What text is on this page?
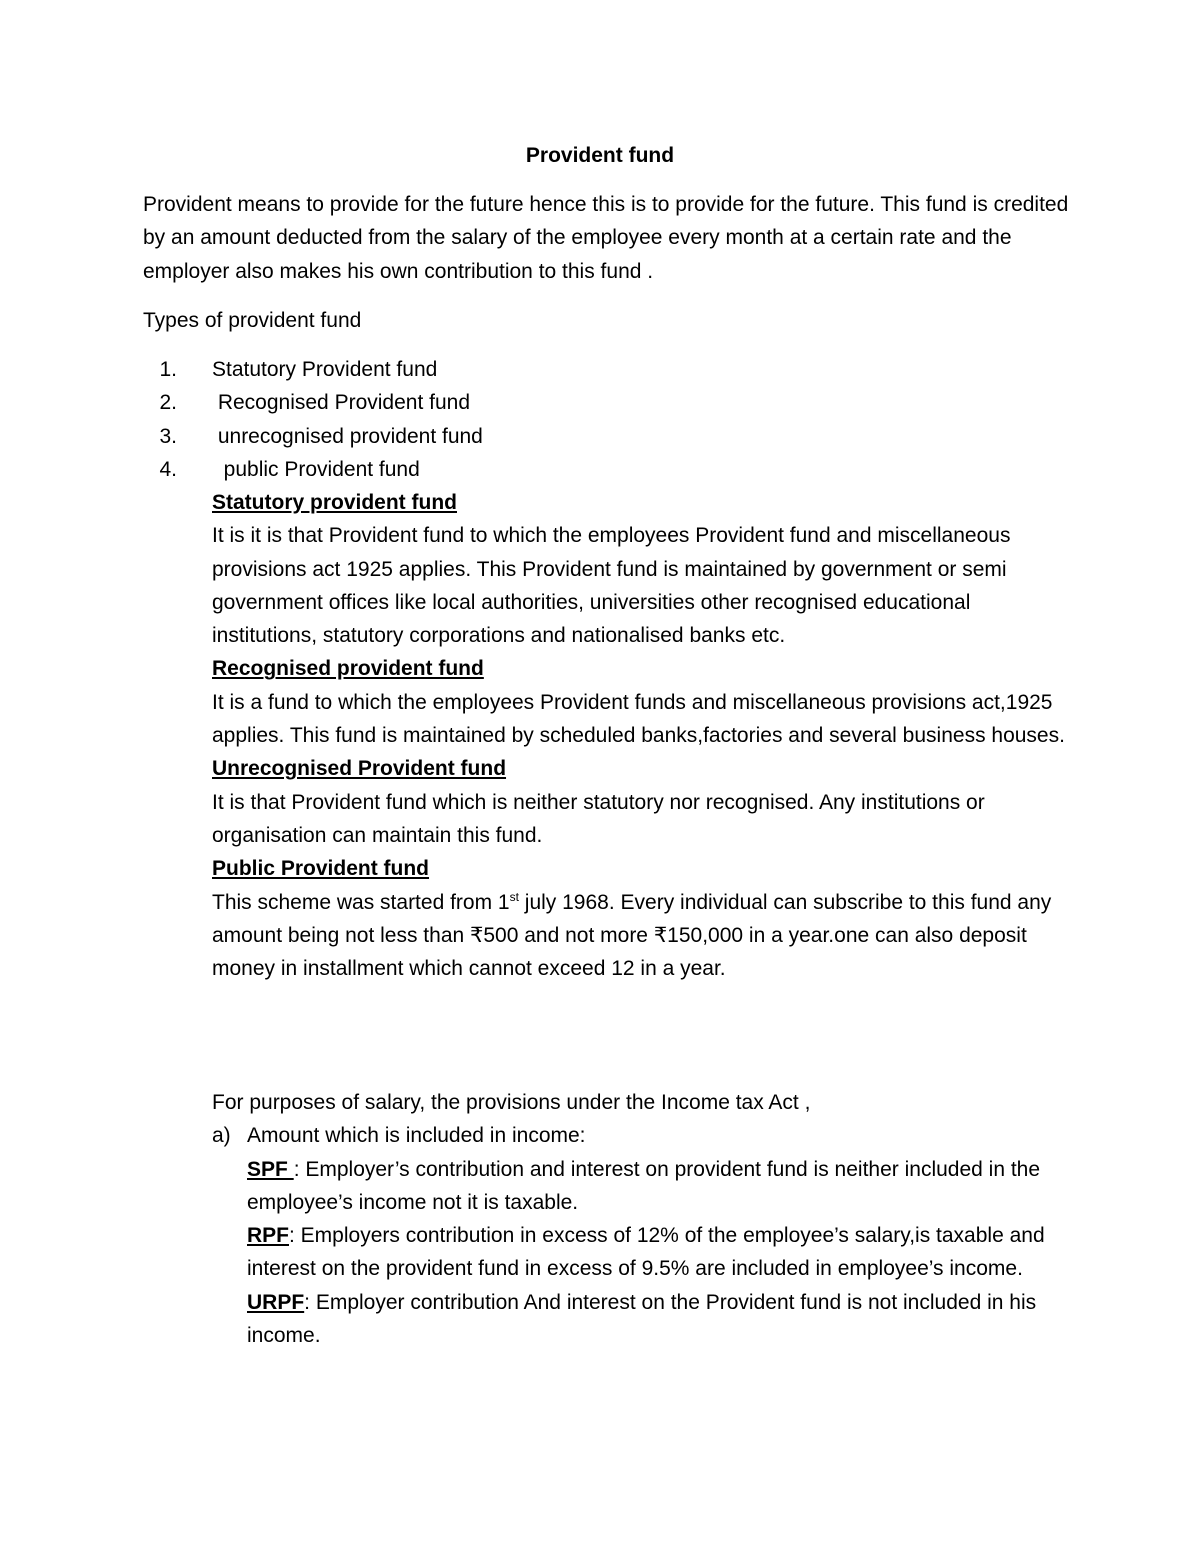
Provident fund

Provident means to provide for the future hence this is to provide for the future. This fund is credited by an amount deducted from the salary of the employee every month at a certain rate and the employer also makes his own contribution to this fund .

Types of provident fund

1. Statutory Provident fund
2. Recognised Provident fund
3. unrecognised provident fund
4.  public Provident fund
Statutory provident fund

It is it is that Provident fund to which the employees Provident fund and miscellaneous provisions act 1925 applies. This Provident fund is maintained by government or semi government offices like local authorities, universities other recognised educational institutions, statutory corporations and nationalised banks etc.

Recognised provident fund

It is a fund to which the employees Provident funds and miscellaneous provisions act,1925 applies. This fund is maintained by scheduled banks,factories and several business houses.

Unrecognised Provident fund

It is that Provident fund which is neither statutory nor recognised. Any institutions or organisation can maintain this fund.

Public Provident fund

This scheme was started from 1st july 1968. Every individual can subscribe to this fund any amount being not less than ₹500 and not more ₹150,000 in a year.one can also deposit money in installment which cannot exceed 12 in a year.

For purposes of salary, the provisions under the Income tax Act ,

a) Amount which is included in income:

SPF : Employer’s contribution and interest on provident fund is neither included in the employee’s income not it is taxable.

RPF: Employers contribution in excess of 12% of the employee’s salary,is taxable and interest on the provident fund in excess of 9.5% are included in employee’s income.

URPF: Employer contribution And interest on the Provident fund is not included in his income.
